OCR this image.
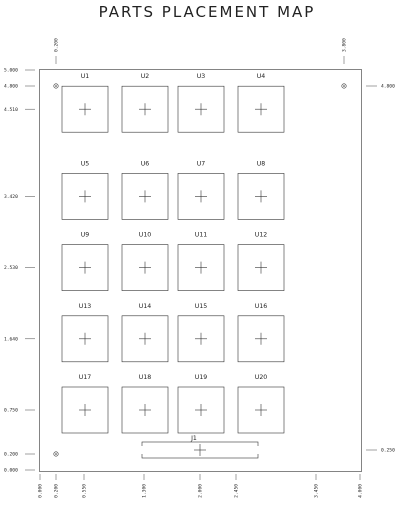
PARTS PLACEMENT MAP
0.000 0.200	0.550	1.300	2.000	2.450	3.450	4.000
0.200	3.800
5.000
4.800
4.510
3.420
2.530
1.640
0.750
0.200
0.000
4.800
0.250
U1	U2	U3	U4
U5	U6	U7	U8
U9	U10	U11	U12
U13	U14	U15	U16
U17	U18	U19	U20
J1
